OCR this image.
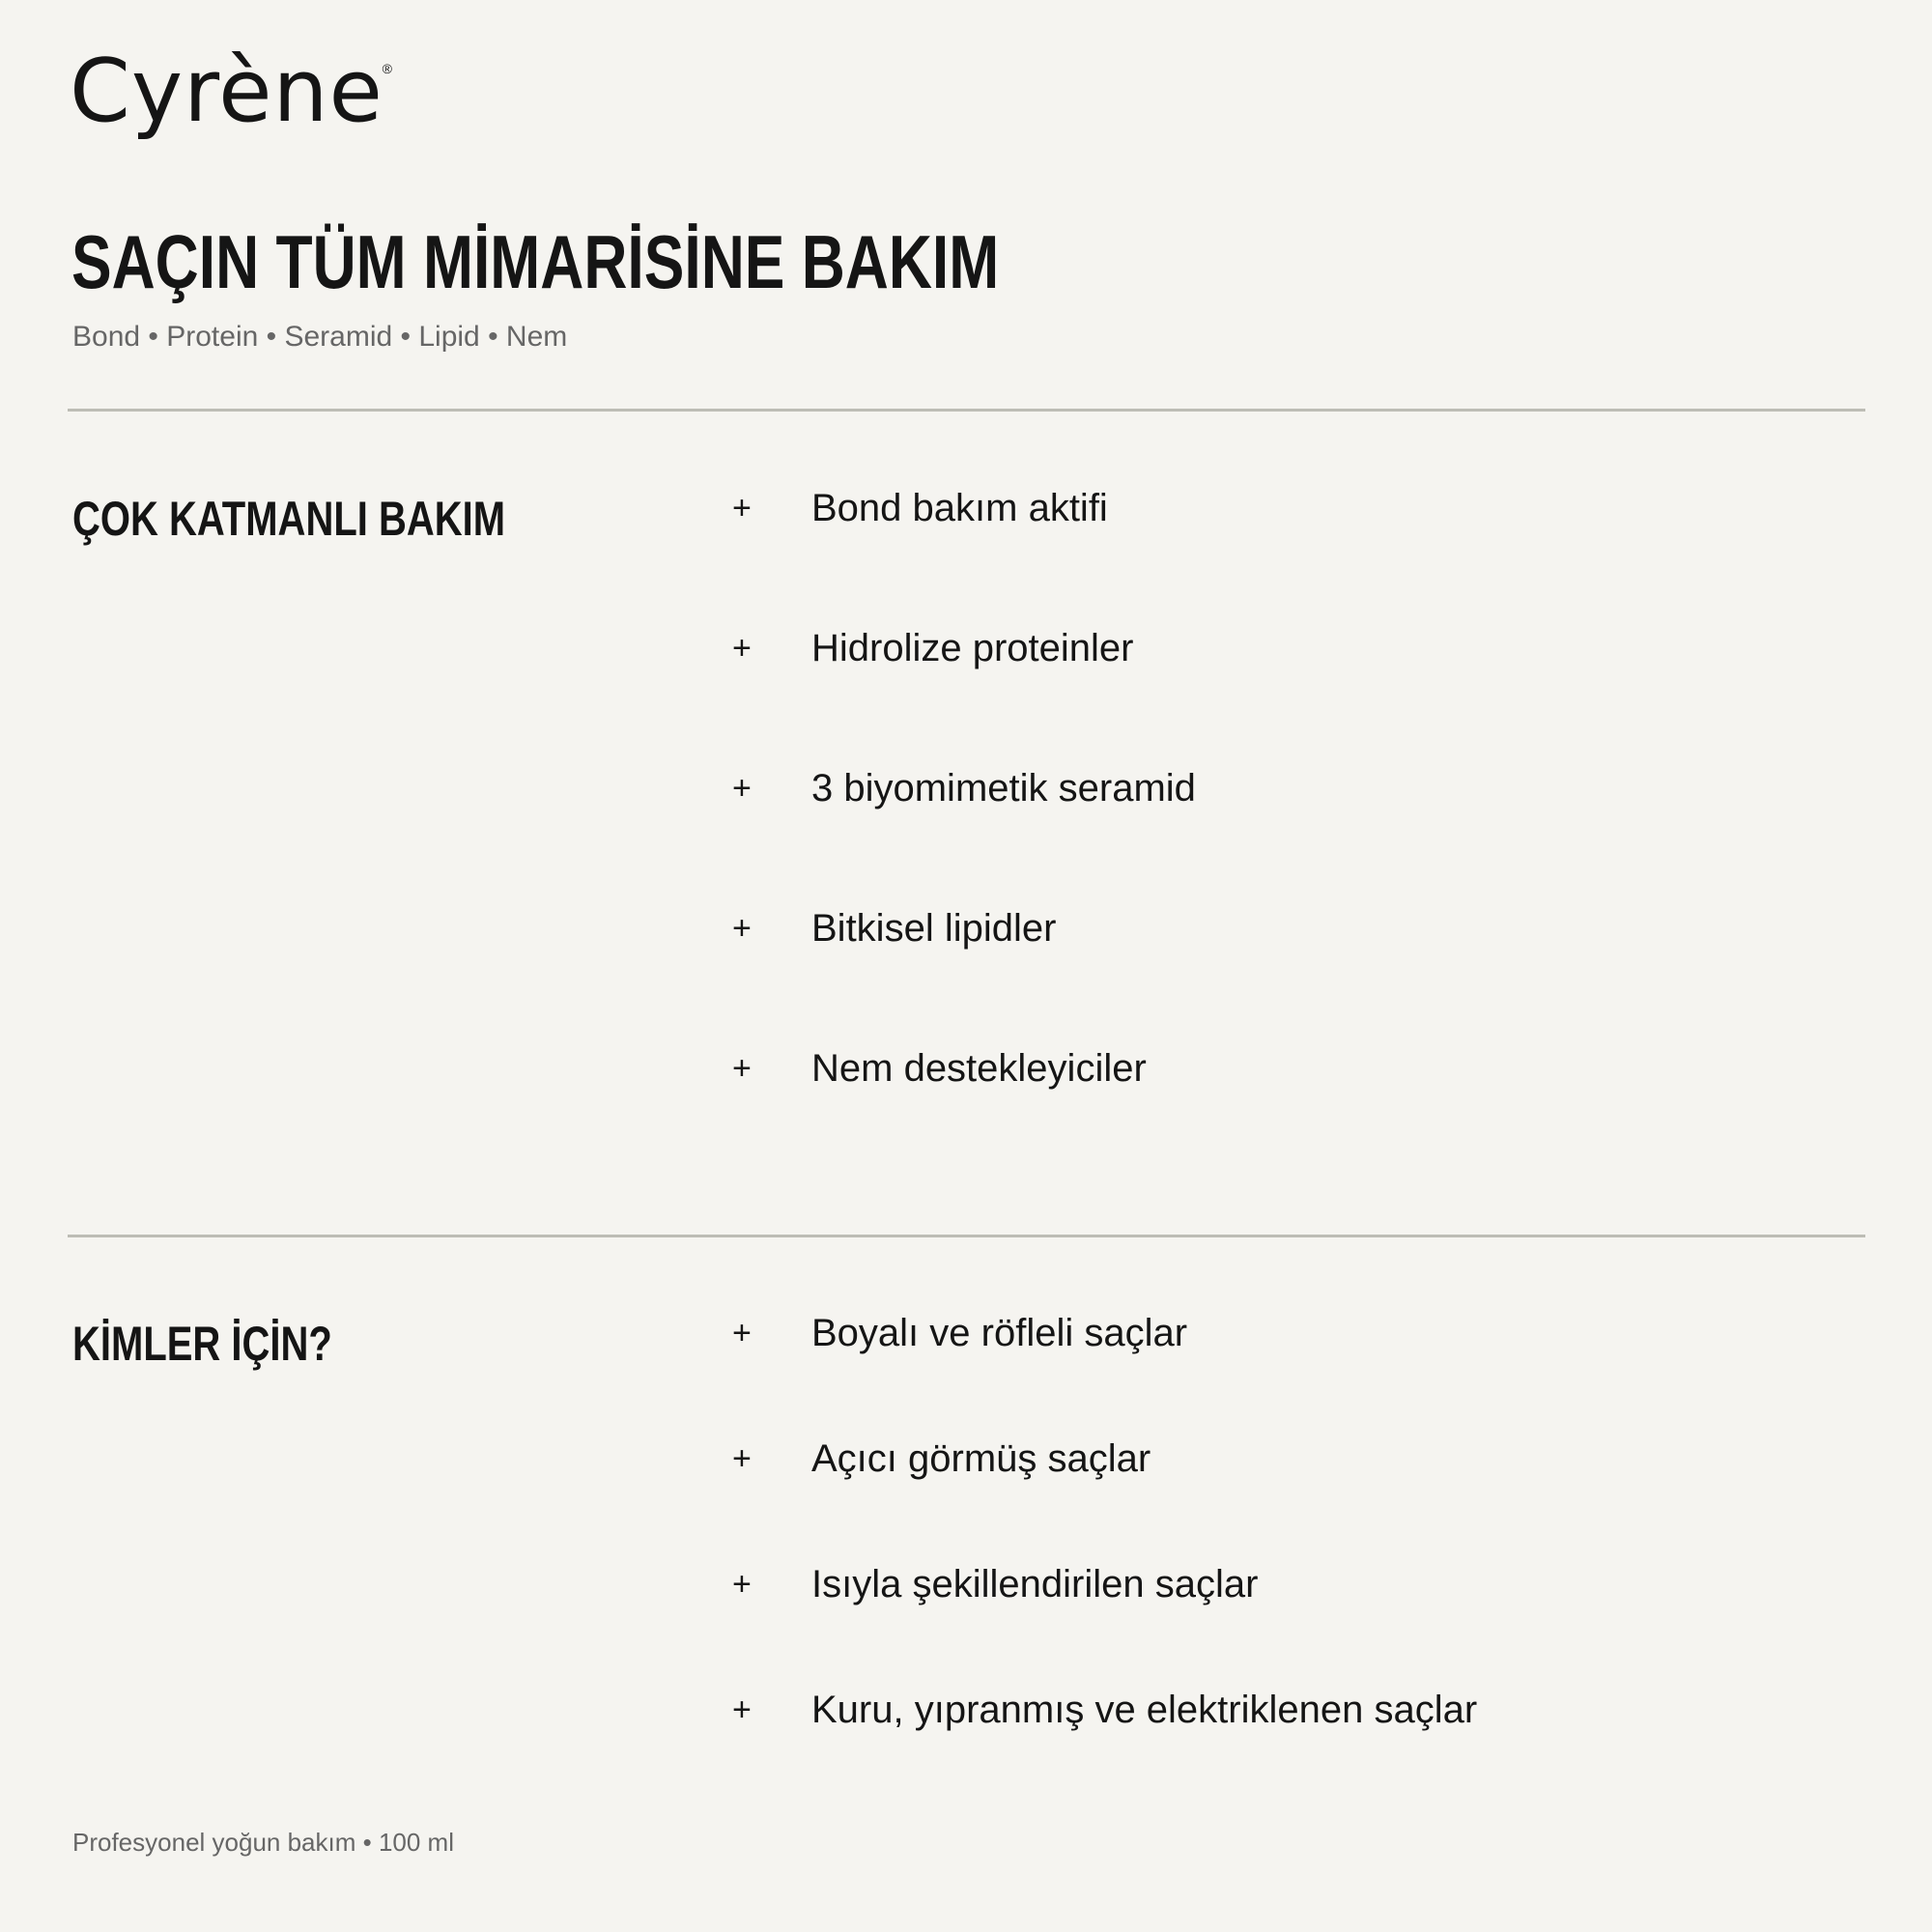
Cyrène
®
SAÇIN TÜM MİMARİSİNE BAKIM
Bond • Protein • Seramid • Lipid • Nem
ÇOK KATMANLI BAKIM	+	Bond bakım aktifi
+	Hidrolize proteinler
+	3 biyomimetik seramid
+	Bitkisel lipidler
+	Nem destekleyiciler
KİMLER İÇİN?	+	Boyalı ve röfleli saçlar
+	Açıcı görmüş saçlar
+	Isıyla şekillendirilen saçlar
+	Kuru, yıpranmış ve elektriklenen saçlar
Profesyonel yoğun bakım • 100 ml
